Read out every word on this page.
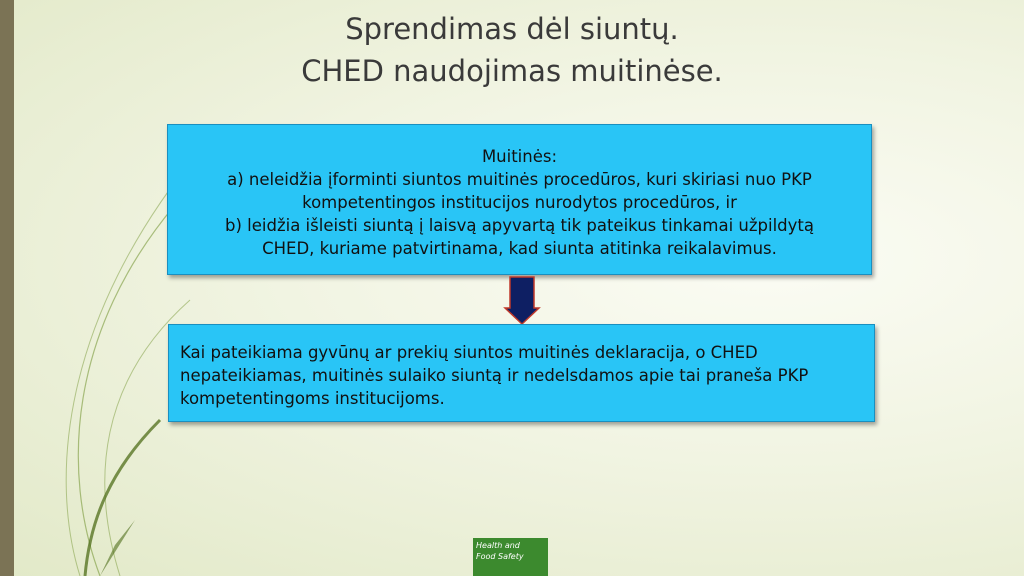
Sprendimas dėl siuntų.
CHED naudojimas muitinėse.
Muitinės:
a) neleidžia įforminti siuntos muitinės procedūros, kuri skiriasi nuo PKP
kompetentingos institucijos nurodytos procedūros, ir
b) leidžia išleisti siuntą į laisvą apyvartą tik pateikus tinkamai užpildytą
CHED, kuriame patvirtinama, kad siunta atitinka reikalavimus.
Kai pateikiama gyvūnų ar prekių siuntos muitinės deklaracija, o CHED nepateikiamas, muitinės sulaiko siuntą ir nedelsdamos apie tai praneša PKP kompetentingoms institucijoms.
Health and
Food Safety
